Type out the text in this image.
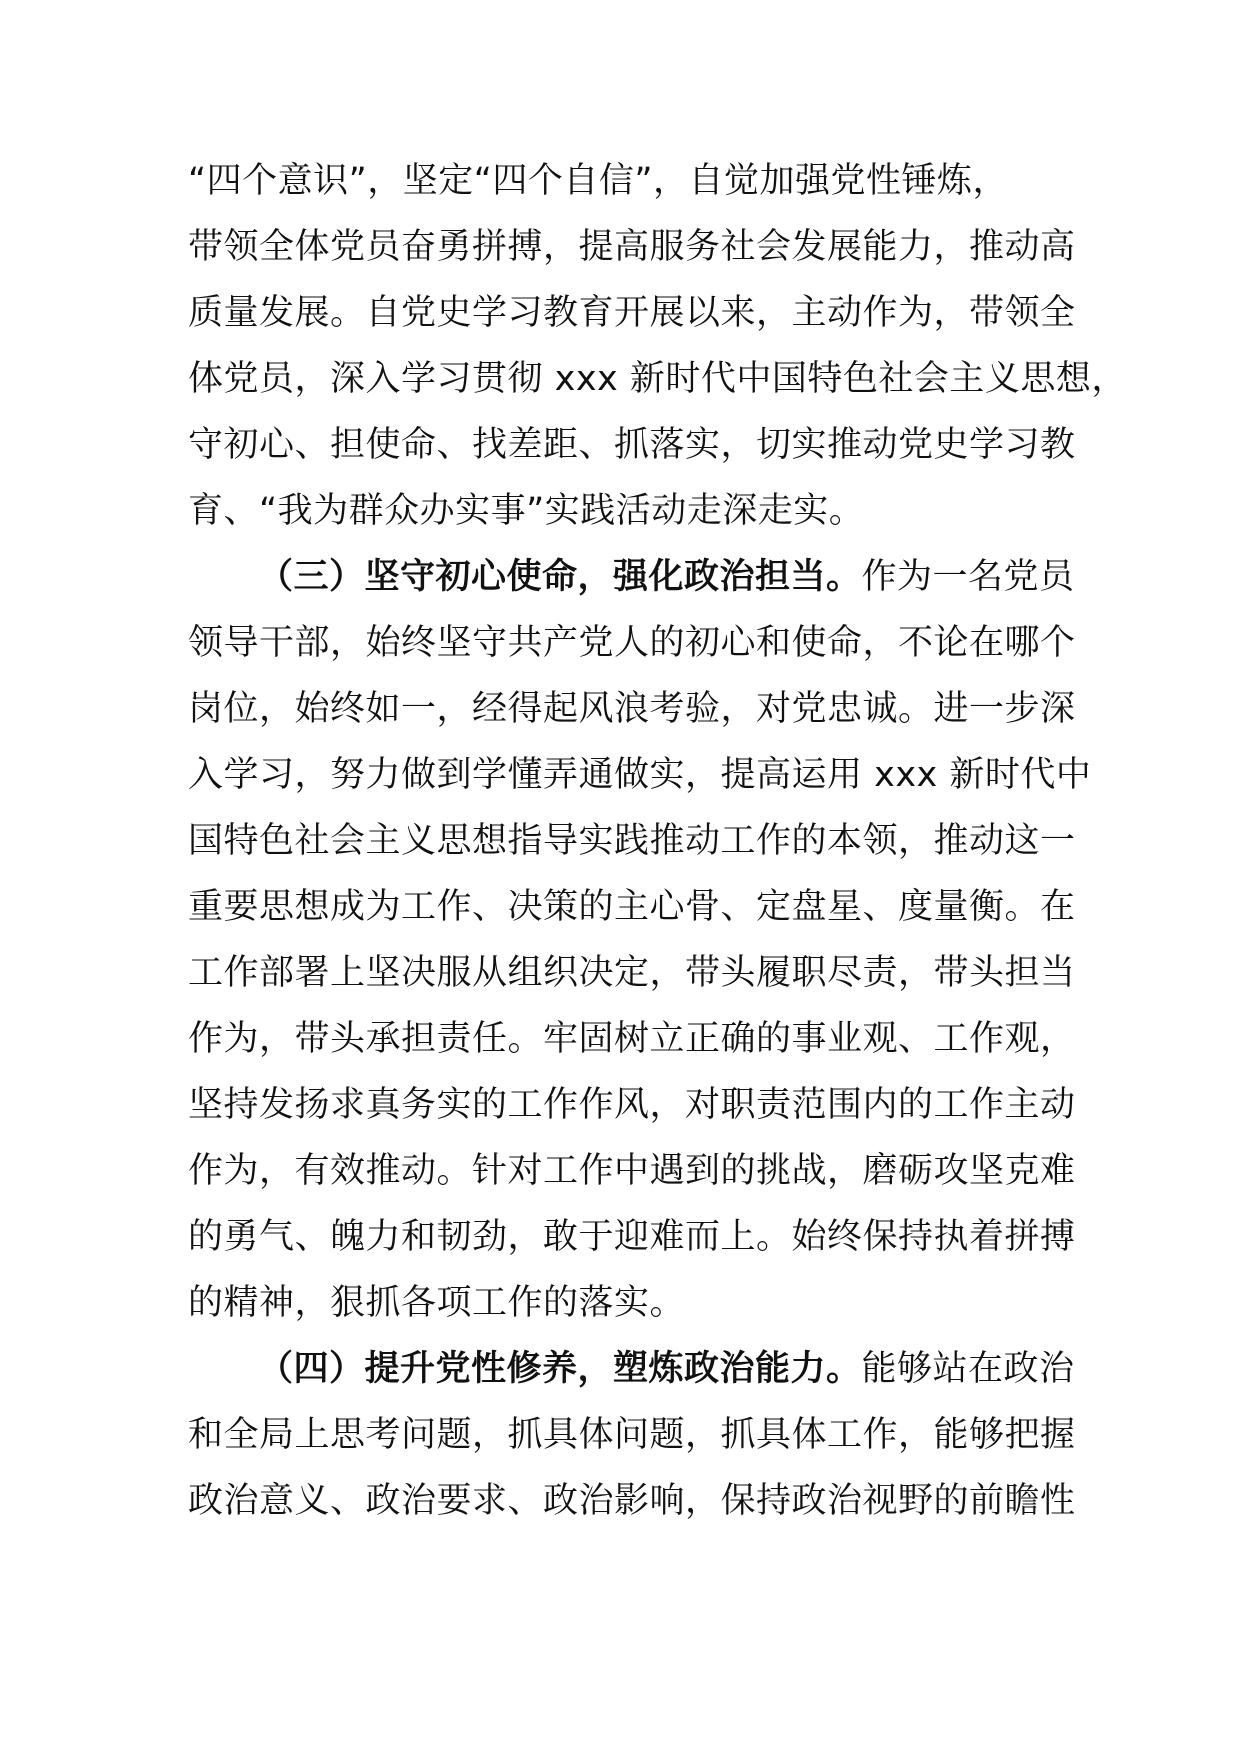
“四个意识”，坚定“四个自信”，自觉加强党性锤炼，
带领全体党员奋勇拼搏，提高服务社会发展能力，推动高
质量发展。自党史学习教育开展以来，主动作为，带领全
体党员，深入学习贯彻 xxx 新时代中国特色社会主义思想，
守初心、担使命、找差距、抓落实，切实推动党史学习教
育、“我为群众办实事”实践活动走深走实。

（三）坚守初心使命，强化政治担当。作为一名党员
领导干部，始终坚守共产党人的初心和使命，不论在哪个
岗位，始终如一，经得起风浪考验，对党忠诚。进一步深
入学习，努力做到学懂弄通做实，提高运用 xxx 新时代中
国特色社会主义思想指导实践推动工作的本领，推动这一
重要思想成为工作、决策的主心骨、定盘星、度量衡。在
工作部署上坚决服从组织决定，带头履职尽责，带头担当
作为，带头承担责任。牢固树立正确的事业观、工作观，
坚持发扬求真务实的工作作风，对职责范围内的工作主动
作为，有效推动。针对工作中遇到的挑战，磨砺攻坚克难
的勇气、魄力和韧劲，敢于迎难而上。始终保持执着拼搏
的精神，狠抓各项工作的落实。

（四）提升党性修养，塑炼政治能力。能够站在政治
和全局上思考问题，抓具体问题，抓具体工作，能够把握
政治意义、政治要求、政治影响，保持政治视野的前瞻性
